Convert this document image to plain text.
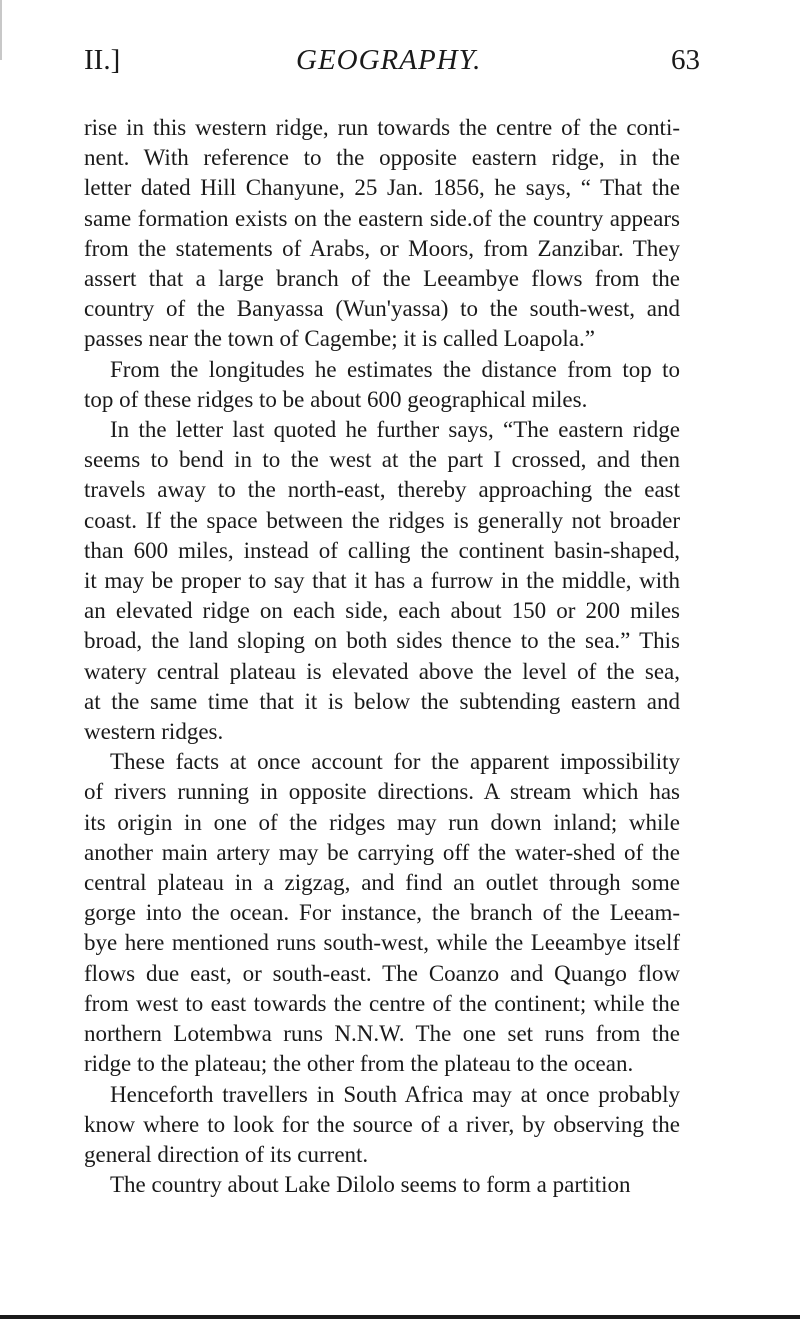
II.]	GEOGRAPHY.	63

rise in this western ridge, run towards the centre of the conti-

nent. With reference to the opposite eastern ridge, in the

letter dated Hill Chanyune, 25 Jan. 1856, he says, “ That the

same formation exists on the eastern side.of the country appears

from the statements of Arabs, or Moors, from Zanzibar. They

assert that a large branch of the Leeambye flows from the

country of the Banyassa (Wun'yassa) to the south-west, and

passes near the town of Cagembe; it is called Loapola.”

From the longitudes he estimates the distance from top to

top of these ridges to be about 600 geographical miles.

In the letter last quoted he further says, “The eastern ridge

seems to bend in to the west at the part I crossed, and then

travels away to the north-east, thereby approaching the east

coast. If the space between the ridges is generally not broader

than 600 miles, instead of calling the continent basin-shaped,

it may be proper to say that it has a furrow in the middle, with

an elevated ridge on each side, each about 150 or 200 miles

broad, the land sloping on both sides thence to the sea.” This

watery central plateau is elevated above the level of the sea,

at the same time that it is below the subtending eastern and

western ridges.

These facts at once account for the apparent impossibility

of rivers running in opposite directions. A stream which has

its origin in one of the ridges may run down inland; while

another main artery may be carrying off the water-shed of the

central plateau in a zigzag, and find an outlet through some

gorge into the ocean. For instance, the branch of the Leeam-

bye here mentioned runs south-west, while the Leeambye itself

flows due east, or south-east. The Coanzo and Quango flow

from west to east towards the centre of the continent; while the

northern Lotembwa runs N.N.W. The one set runs from the

ridge to the plateau; the other from the plateau to the ocean.

Henceforth travellers in South Africa may at once probably

know where to look for the source of a river, by observing the

general direction of its current.

The country about Lake Dilolo seems to form a partition
